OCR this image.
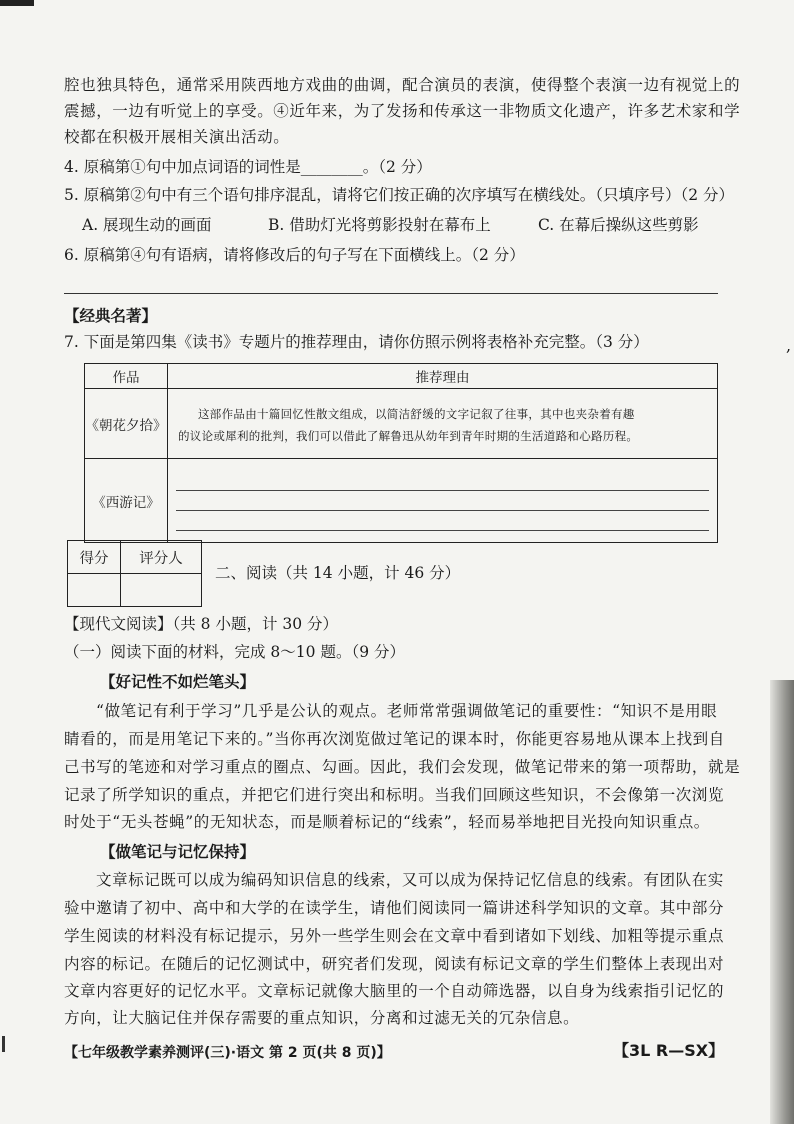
,
腔也独具特色，通常采用陕西地方戏曲的曲调，配合演员的表演，使得整个表演一边有视觉上的
震撼，一边有听觉上的享受。④近年来，为了发扬和传承这一非物质文化遗产，许多艺术家和学
校都在积极开展相关演出活动。
4. 原稿第①句中加点词语的词性是________。（2 分）
5. 原稿第②句中有三个语句排序混乱，请将它们按正确的次序填写在横线处。（只填序号）（2 分）
A. 展现生动的画面	B. 借助灯光将剪影投射在幕布上	C. 在幕后操纵这些剪影
6. 原稿第④句有语病，请将修改后的句子写在下面横线上。（2 分）
【经典名著】
7. 下面是第四集《读书》专题片的推荐理由，请你仿照示例将表格补充完整。（3 分）
作品	推荐理由
《朝花夕拾》	这部作品由十篇回忆性散文组成，以简洁舒缓的文字记叙了往事，其中也夹杂着有趣
的议论或犀利的批判，我们可以借此了解鲁迅从幼年到青年时期的生活道路和心路历程。

《西游记》	
得分	评分人

二、阅读（共 14 小题，计 46 分）
【现代文阅读】（共 8 小题，计 30 分）
（一）阅读下面的材料，完成 8～10 题。（9 分）
【好记性不如烂笔头】
“做笔记有利于学习”几乎是公认的观点。老师常常强调做笔记的重要性：“知识不是用眼
睛看的，而是用笔记下来的。”当你再次浏览做过笔记的课本时，你能更容易地从课本上找到自
己书写的笔迹和对学习重点的圈点、勾画。因此，我们会发现，做笔记带来的第一项帮助，就是
记录了所学知识的重点，并把它们进行突出和标明。当我们回顾这些知识，不会像第一次浏览
时处于“无头苍蝇”的无知状态，而是顺着标记的“线索”，轻而易举地把目光投向知识重点。
【做笔记与记忆保持】
文章标记既可以成为编码知识信息的线索，又可以成为保持记忆信息的线索。有团队在实
验中邀请了初中、高中和大学的在读学生，请他们阅读同一篇讲述科学知识的文章。其中部分
学生阅读的材料没有标记提示，另外一些学生则会在文章中看到诸如下划线、加粗等提示重点
内容的标记。在随后的记忆测试中，研究者们发现，阅读有标记文章的学生们整体上表现出对
文章内容更好的记忆水平。文章标记就像大脑里的一个自动筛选器，以自身为线索指引记忆的
方向，让大脑记住并保存需要的重点知识，分离和过滤无关的冗杂信息。
【七年级教学素养测评(三)·语文 第 2 页(共 8 页)】	【3L R—SX】
